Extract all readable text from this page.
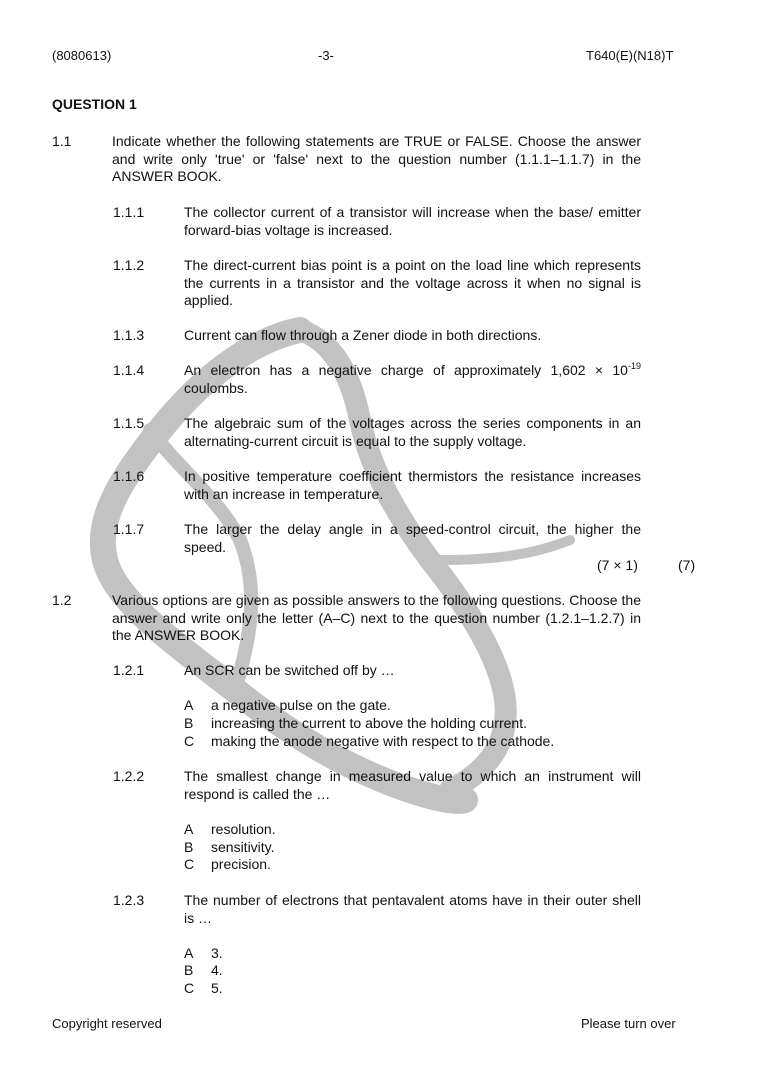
(8080613)	-3-	T640(E)(N18)T
QUESTION 1
1.1	Indicate whether the following statements are TRUE or FALSE. Choose the answer and write only 'true' or 'false' next to the question number (1.1.1–1.1.7) in the ANSWER BOOK.
1.1.1	The collector current of a transistor will increase when the base/ emitter forward-bias voltage is increased.
1.1.2	The direct-current bias point is a point on the load line which represents the currents in a transistor and the voltage across it when no signal is applied.
1.1.3	Current can flow through a Zener diode in both directions.
1.1.4	An electron has a negative charge of approximately $1,602 \times 10^{-19}$ coulombs.
1.1.5	The algebraic sum of the voltages across the series components in an alternating-current circuit is equal to the supply voltage.
1.1.6	In positive temperature coefficient thermistors the resistance increases with an increase in temperature.
1.1.7	The larger the delay angle in a speed-control circuit, the higher the speed.
(7 × 1)	(7)
1.2	Various options are given as possible answers to the following questions. Choose the answer and write only the letter (A–C) next to the question number (1.2.1–1.2.7) in the ANSWER BOOK.
1.2.1	An SCR can be switched off by …
A a negative pulse on the gate.
B increasing the current to above the holding current.
C making the anode negative with respect to the cathode.
1.2.2	The smallest change in measured value to which an instrument will respond is called the …
A resolution.
B sensitivity.
C precision.
1.2.3	The number of electrons that pentavalent atoms have in their outer shell is …
A 3.
B 4.
C 5.
Copyright reserved	Please turn over
